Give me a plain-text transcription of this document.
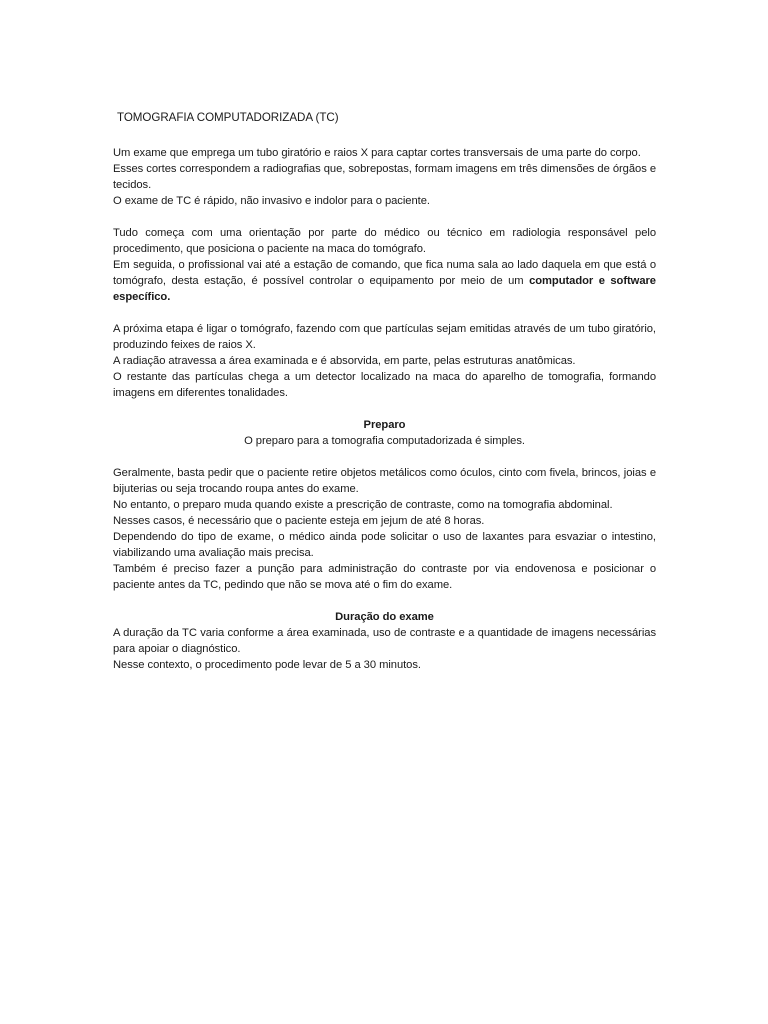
TOMOGRAFIA COMPUTADORIZADA (TC)

Um exame que emprega um tubo giratório e raios X para captar cortes transversais de uma parte do corpo.

Esses cortes correspondem a radiografias que, sobrepostas, formam imagens em três dimensões de órgãos e tecidos.

O exame de TC é rápido, não invasivo e indolor para o paciente.

Tudo começa com uma orientação por parte do médico ou técnico em radiologia responsável pelo procedimento, que posiciona o paciente na maca do tomógrafo.

Em seguida, o profissional vai até a estação de comando, que fica numa sala ao lado daquela em que está o tomógrafo, desta estação, é possível controlar o equipamento por meio de um computador e software específico.

A próxima etapa é ligar o tomógrafo, fazendo com que partículas sejam emitidas através de um tubo giratório, produzindo feixes de raios X.

A radiação atravessa a área examinada e é absorvida, em parte, pelas estruturas anatômicas.

O restante das partículas chega a um detector localizado na maca do aparelho de tomografia, formando imagens em diferentes tonalidades.

Preparo

O preparo para a tomografia computadorizada é simples.

Geralmente, basta pedir que o paciente retire objetos metálicos como óculos, cinto com fivela, brincos, joias e bijuterias ou seja trocando roupa antes do exame.

No entanto, o preparo muda quando existe a prescrição de contraste, como na tomografia abdominal.

Nesses casos, é necessário que o paciente esteja em jejum de até 8 horas.

Dependendo do tipo de exame, o médico ainda pode solicitar o uso de laxantes para esvaziar o intestino, viabilizando uma avaliação mais precisa.

Também é preciso fazer a punção para administração do contraste por via endovenosa e posicionar o paciente antes da TC, pedindo que não se mova até o fim do exame.

Duração do exame

A duração da TC varia conforme a área examinada, uso de contraste e a quantidade de imagens necessárias para apoiar o diagnóstico.

Nesse contexto, o procedimento pode levar de 5 a 30 minutos.
